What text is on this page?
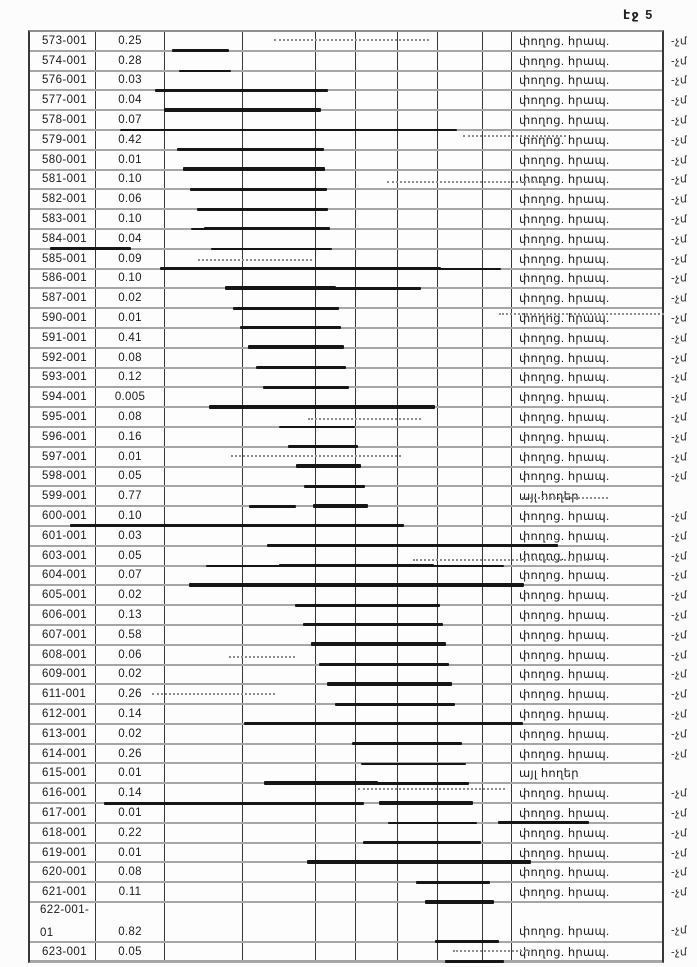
էջ 5
573-001	0.25	փողոց. հրապ.	-չմ
574-001	0.28	փողոց. հրապ.	-չմ
576-001	0.03	փողոց. հրապ.	-չմ
577-001	0.04	փողոց. հրապ.	-չմ
578-001	0.07	փողոց. հրապ.	-չմ
579-001	0.42	փողոց. հրապ.	-չմ
580-001	0.01	փողոց. հրապ.	-չմ
581-001	0.10	փողոց. հրապ.	-չմ
582-001	0.06	փողոց. հրապ.	-չմ
583-001	0.10	փողոց. հրապ.	-չմ
584-001	0.04	փողոց. հրապ.	-չմ
585-001	0.09	փողոց. հրապ.	-չմ
586-001	0.10	փողոց. հրապ.	-չմ
587-001	0.02	փողոց. հրապ.	-չմ
590-001	0.01	փողոց. հրապ.	-չմ
591-001	0.41	փողոց. հրապ.	-չմ
592-001	0.08	փողոց. հրապ.	-չմ
593-001	0.12	փողոց. հրապ.	-չմ
594-001	0.005	փողոց. հրապ.	-չմ
595-001	0.08	փողոց. հրապ.	-չմ
596-001	0.16	փողոց. հրապ.	-չմ
597-001	0.01	փողոց. հրապ.	-չմ
598-001	0.05	փողոց. հրապ.	-չմ
599-001	0.77	այլ հողեր
600-001	0.10	փողոց. հրապ.	-չմ
601-001	0.03	փողոց. հրապ.	-չմ
603-001	0.05	փողոց. հրապ.	-չմ
604-001	0.07	փողոց. հրապ.	-չմ
605-001	0.02	փողոց. հրապ.	-չմ
606-001	0.13	փողոց. հրապ.	-չմ
607-001	0.58	փողոց. հրապ.	-չմ
608-001	0.06	փողոց. հրապ.	-չմ
609-001	0.02	փողոց. հրապ.	-չմ
611-001	0.26	փողոց. հրապ.	-չմ
612-001	0.14	փողոց. հրապ.	-չմ
613-001	0.02	փողոց. հրապ.	-չմ
614-001	0.26	փողոց. հրապ.	-չմ
615-001	0.01	այլ հողեր
616-001	0.14	փողոց. հրապ.	-չմ
617-001	0.01	փողոց. հրապ.	-չմ
618-001	0.22	փողոց. հրապ.	-չմ
619-001	0.01	փողոց. հրապ.	-չմ
620-001	0.08	փողոց. հրապ.	-չմ
621-001	0.11	փողոց. հրապ.	-չմ
622-001-
01	0.82	փողոց. հրապ.	-չմ
623-001	0.05	փողոց. հրապ.	-չմ
